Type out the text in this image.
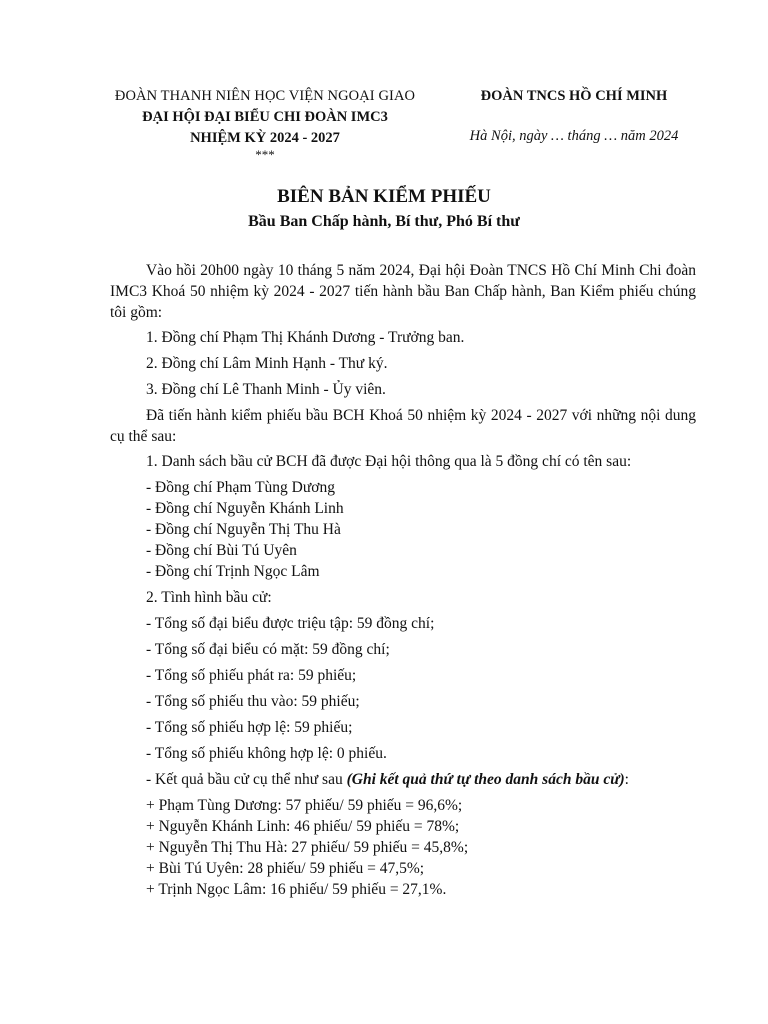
ĐOÀN THANH NIÊN HỌC VIỆN NGOẠI GIAO
ĐẠI HỘI ĐẠI BIỂU CHI ĐOÀN IMC3
NHIỆM KỲ 2024 - 2027
***
ĐOÀN TNCS HỒ CHÍ MINH
Hà Nội, ngày … tháng … năm 2024
BIÊN BẢN KIỂM PHIẾU
Bầu Ban Chấp hành, Bí thư, Phó Bí thư

Vào hồi 20h00 ngày 10 tháng 5 năm 2024, Đại hội Đoàn TNCS Hồ Chí Minh Chi đoàn IMC3 Khoá 50 nhiệm kỳ 2024 - 2027 tiến hành bầu Ban Chấp hành, Ban Kiểm phiếu chúng tôi gồm:

1. Đồng chí Phạm Thị Khánh Dương - Trưởng ban.
2. Đồng chí Lâm Minh Hạnh - Thư ký.
3. Đồng chí Lê Thanh Minh - Ủy viên.

Đã tiến hành kiểm phiếu bầu BCH Khoá 50 nhiệm kỳ 2024 - 2027 với những nội dung cụ thể sau:

1. Danh sách bầu cử BCH đã được Đại hội thông qua là 5 đồng chí có tên sau:
- Đồng chí Phạm Tùng Dương
- Đồng chí Nguyễn Khánh Linh
- Đồng chí Nguyễn Thị Thu Hà
- Đồng chí Bùi Tú Uyên
- Đồng chí Trịnh Ngọc Lâm
2. Tình hình bầu cử:
- Tổng số đại biểu được triệu tập: 59 đồng chí;
- Tổng số đại biểu có mặt: 59 đồng chí;
- Tổng số phiếu phát ra: 59 phiếu;
- Tổng số phiếu thu vào: 59 phiếu;
- Tổng số phiếu hợp lệ: 59 phiếu;
- Tổng số phiếu không hợp lệ: 0 phiếu.
- Kết quả bầu cử cụ thể như sau (Ghi kết quả thứ tự theo danh sách bầu cử):
+ Phạm Tùng Dương: 57 phiếu/ 59 phiếu = 96,6%;
+ Nguyễn Khánh Linh: 46 phiếu/ 59 phiếu = 78%;
+ Nguyễn Thị Thu Hà: 27 phiếu/ 59 phiếu = 45,8%;
+ Bùi Tú Uyên: 28 phiếu/ 59 phiếu = 47,5%;
+ Trịnh Ngọc Lâm: 16 phiếu/ 59 phiếu = 27,1%.
